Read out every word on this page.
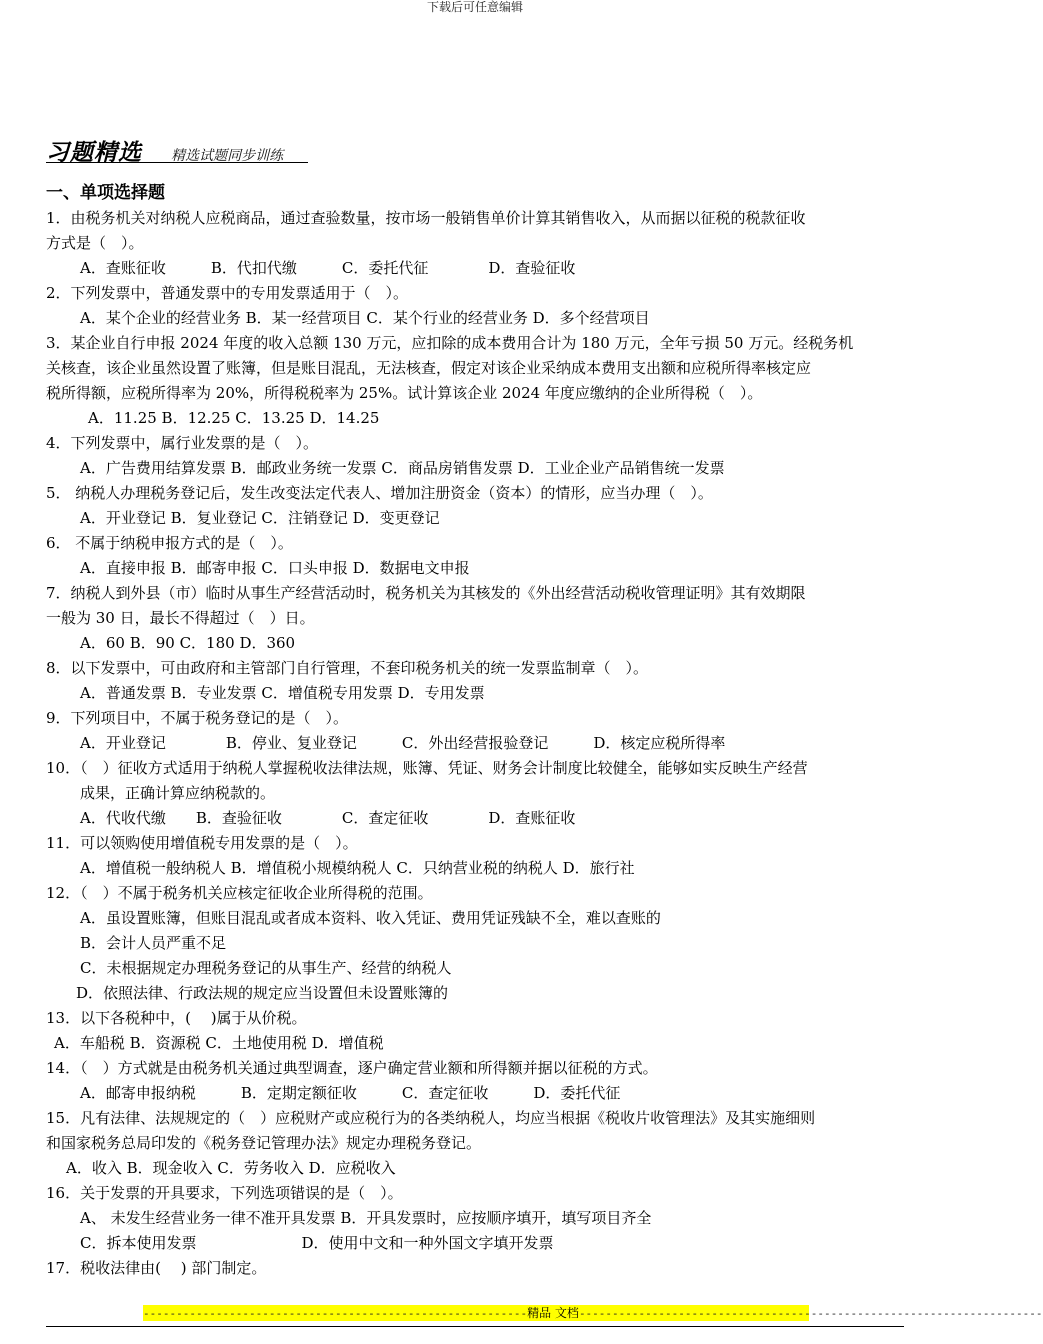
下载后可任意编辑
习题精选 精选试题同步训练
一、单项选择题
1．由税务机关对纳税人应税商品，通过查验数量，按市场一般销售单价计算其销售收入，从而据以征税的税款征收
方式是（　）。
A．查账征收　　　B．代扣代缴　　　C．委托代征　　　　D．查验征收
2．下列发票中，普通发票中的专用发票适用于（　）。
A．某个企业的经营业务 B．某一经营项目 C．某个行业的经营业务 D．多个经营项目
3．某企业自行申报 2024 年度的收入总额 130 万元，应扣除的成本费用合计为 180 万元，全年亏损 50 万元。经税务机
关核查，该企业虽然设置了账簿，但是账目混乱，无法核查，假定对该企业采纳成本费用支出额和应税所得率核定应
税所得额，应税所得率为 20%，所得税税率为 25%。试计算该企业 2024 年度应缴纳的企业所得税（　）。
A．11.25 B．12.25 C．13.25 D．14.25
4．下列发票中，属行业发票的是（　）。
A．广告费用结算发票 B．邮政业务统一发票 C．商品房销售发票 D．工业企业产品销售统一发票
5． 纳税人办理税务登记后，发生改变法定代表人、增加注册资金（资本）的情形，应当办理（　）。
A．开业登记 B．复业登记 C．注销登记 D．变更登记
6． 不属于纳税申报方式的是（　）。
A．直接申报 B．邮寄申报 C．口头申报 D．数据电文申报
7．纳税人到外县（市）临时从事生产经营活动时，税务机关为其核发的《外出经营活动税收管理证明》其有效期限
一般为 30 日，最长不得超过（　）日。
A．60 B．90 C．180 D．360
8．以下发票中，可由政府和主管部门自行管理，不套印税务机关的统一发票监制章（　）。
A．普通发票 B．专业发票 C．增值税专用发票 D．专用发票
9．下列项目中，不属于税务登记的是（　）。
A．开业登记　　　　B．停业、复业登记　　　C．外出经营报验登记　　　D．核定应税所得率
10．（　）征收方式适用于纳税人掌握税收法律法规，账簿、凭证、财务会计制度比较健全，能够如实反映生产经营
成果，正确计算应纳税款的。
A．代收代缴　　B．查验征收　　　　C．查定征收　　　　D．查账征收
11．可以领购使用增值税专用发票的是（　）。
A．增值税一般纳税人 B．增值税小规模纳税人 C．只纳营业税的纳税人 D．旅行社
12．（　）不属于税务机关应核定征收企业所得税的范围。
A．虽设置账簿，但账目混乱或者成本资料、收入凭证、费用凭证残缺不全，难以查账的
B．会计人员严重不足
C．未根据规定办理税务登记的从事生产、经营的纳税人
D．依照法律、行政法规的规定应当设置但未设置账簿的
13．以下各税种中，(　 )属于从价税。
A．车船税 B．资源税 C．土地使用税 D．增值税
14．（　）方式就是由税务机关通过典型调查，逐户确定营业额和所得额并据以征税的方式。
A．邮寄申报纳税　　　B．定期定额征收　　　C．查定征收　　　D．委托代征
15．凡有法律、法规规定的（　）应税财产或应税行为的各类纳税人，均应当根据《税收片收管理法》及其实施细则
和国家税务总局印发的《税务登记管理办法》规定办理税务登记。
A．收入 B．现金收入 C．劳务收入 D．应税收入
16．关于发票的开具要求，下列选项错误的是（　）。
A、 未发生经营业务一律不准开具发票 B．开具发票时，应按顺序填开，填写项目齐全
C．拆本使用发票　　　　　　　D．使用中文和一种外国文字填开发票
17．税收法律由(　 ) 部门制定。
----------------------------------------------------------精品 文档----------------------------------------------------------------------
